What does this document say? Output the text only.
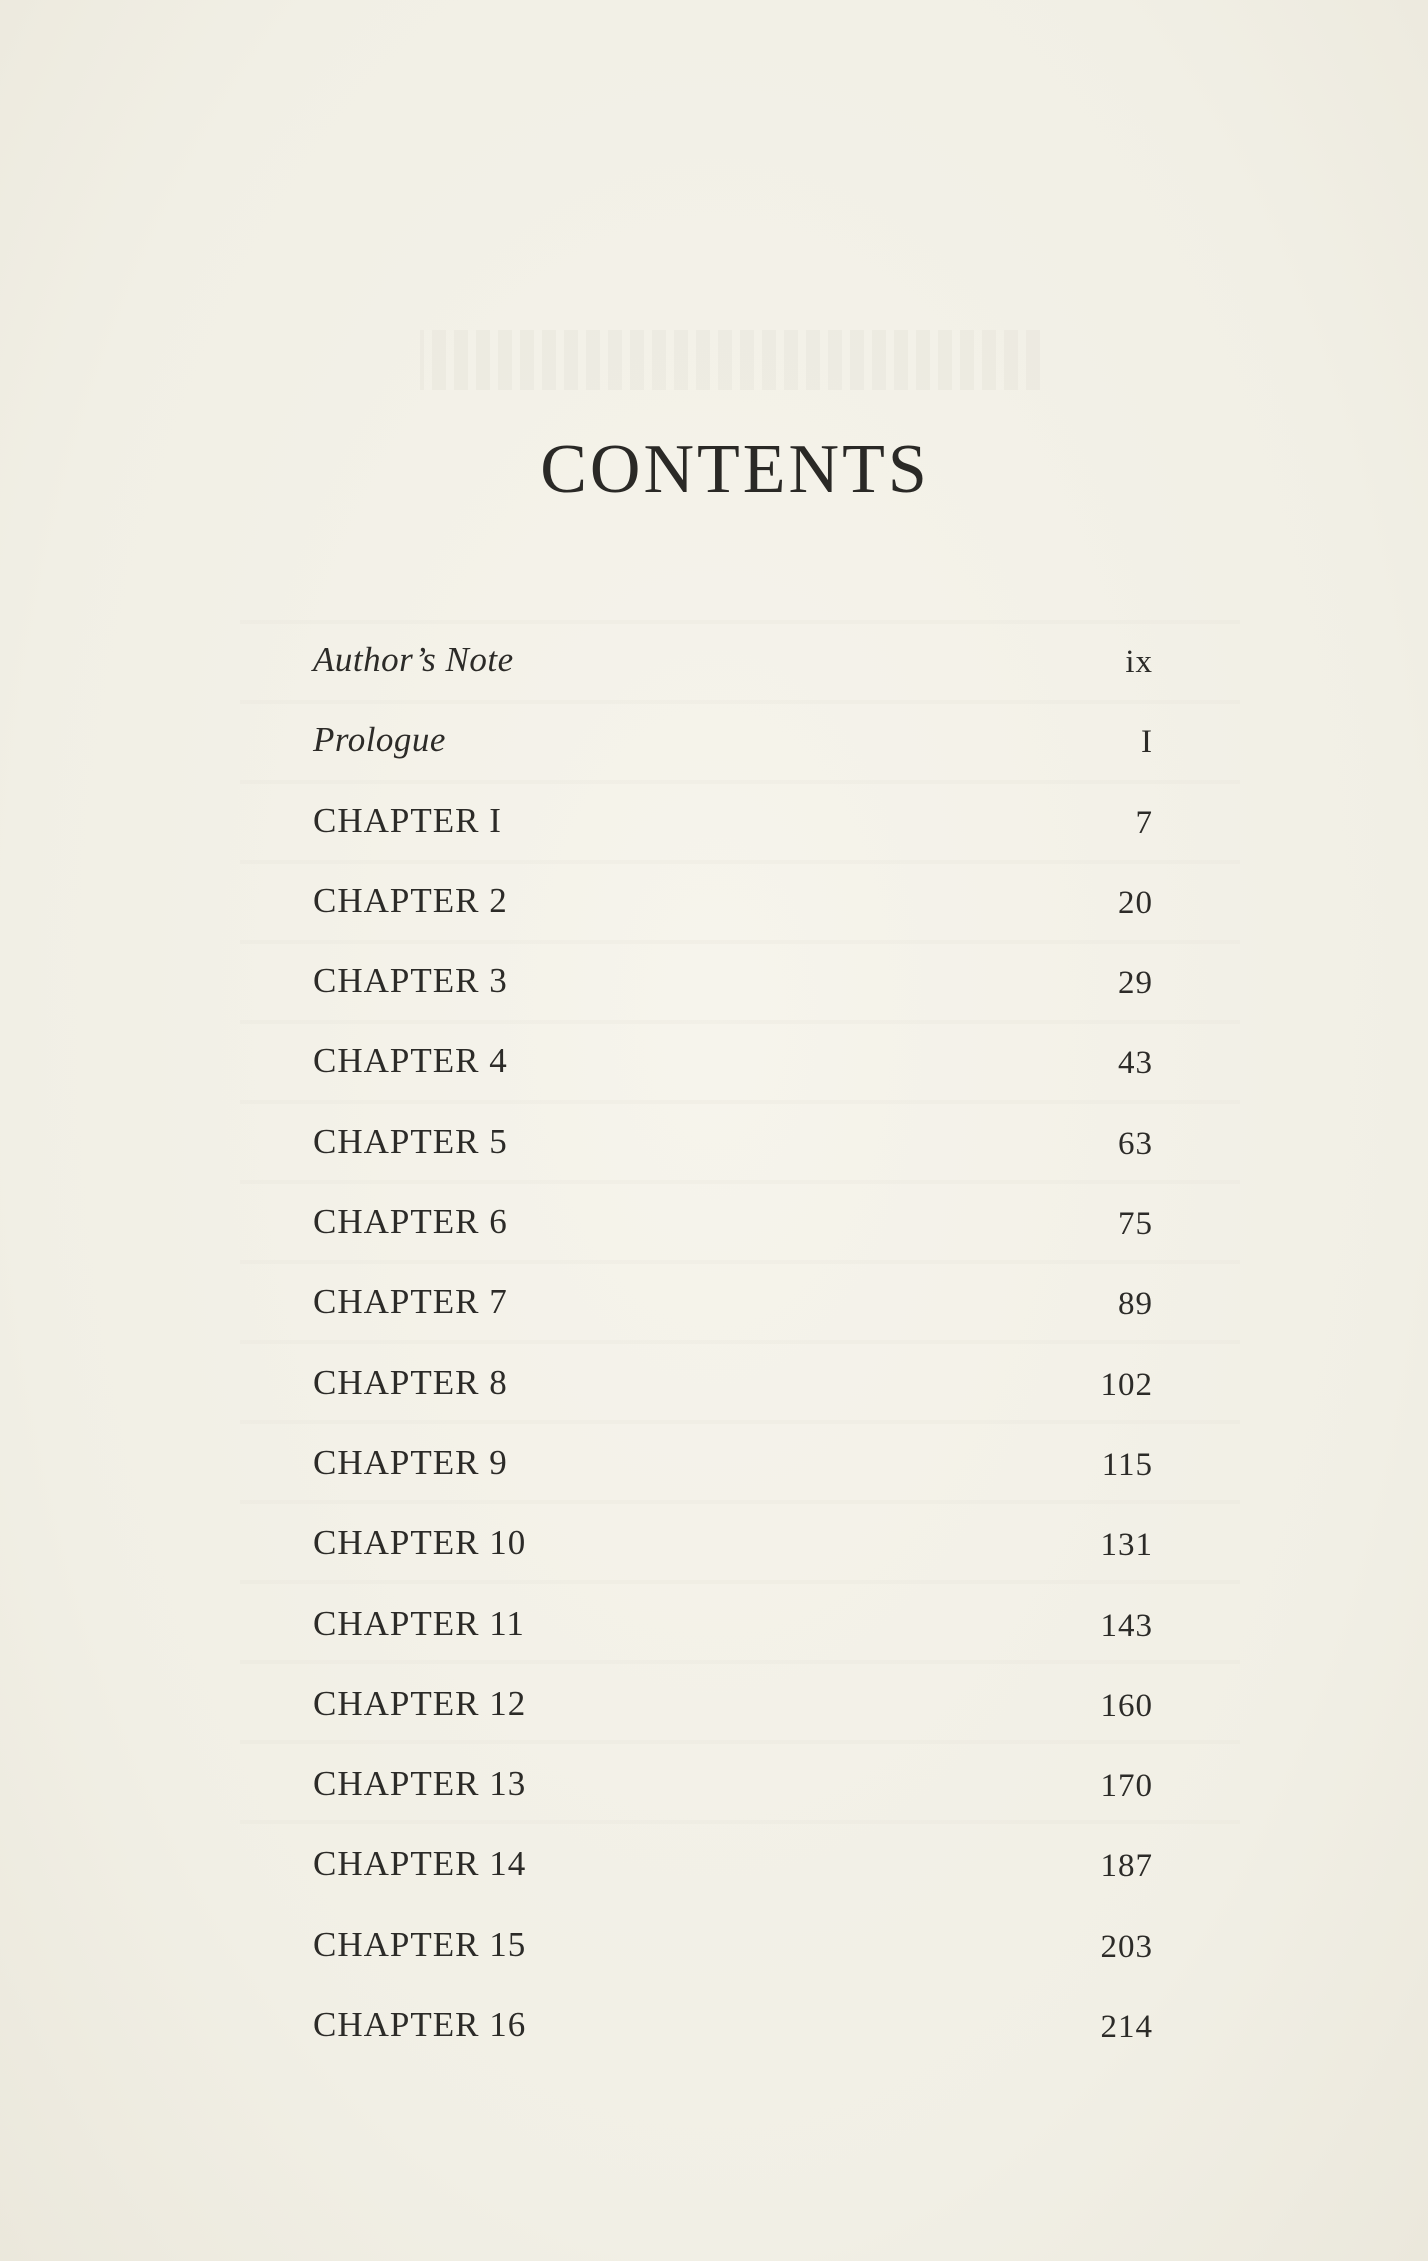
CONTENTS
Author’s Note	ix
Prologue	I
CHAPTER I	7
CHAPTER 2	20
CHAPTER 3	29
CHAPTER 4	43
CHAPTER 5	63
CHAPTER 6	75
CHAPTER 7	89
CHAPTER 8	102
CHAPTER 9	115
CHAPTER 10	131
CHAPTER 11	143
CHAPTER 12	160
CHAPTER 13	170
CHAPTER 14	187
CHAPTER 15	203
CHAPTER 16	214
